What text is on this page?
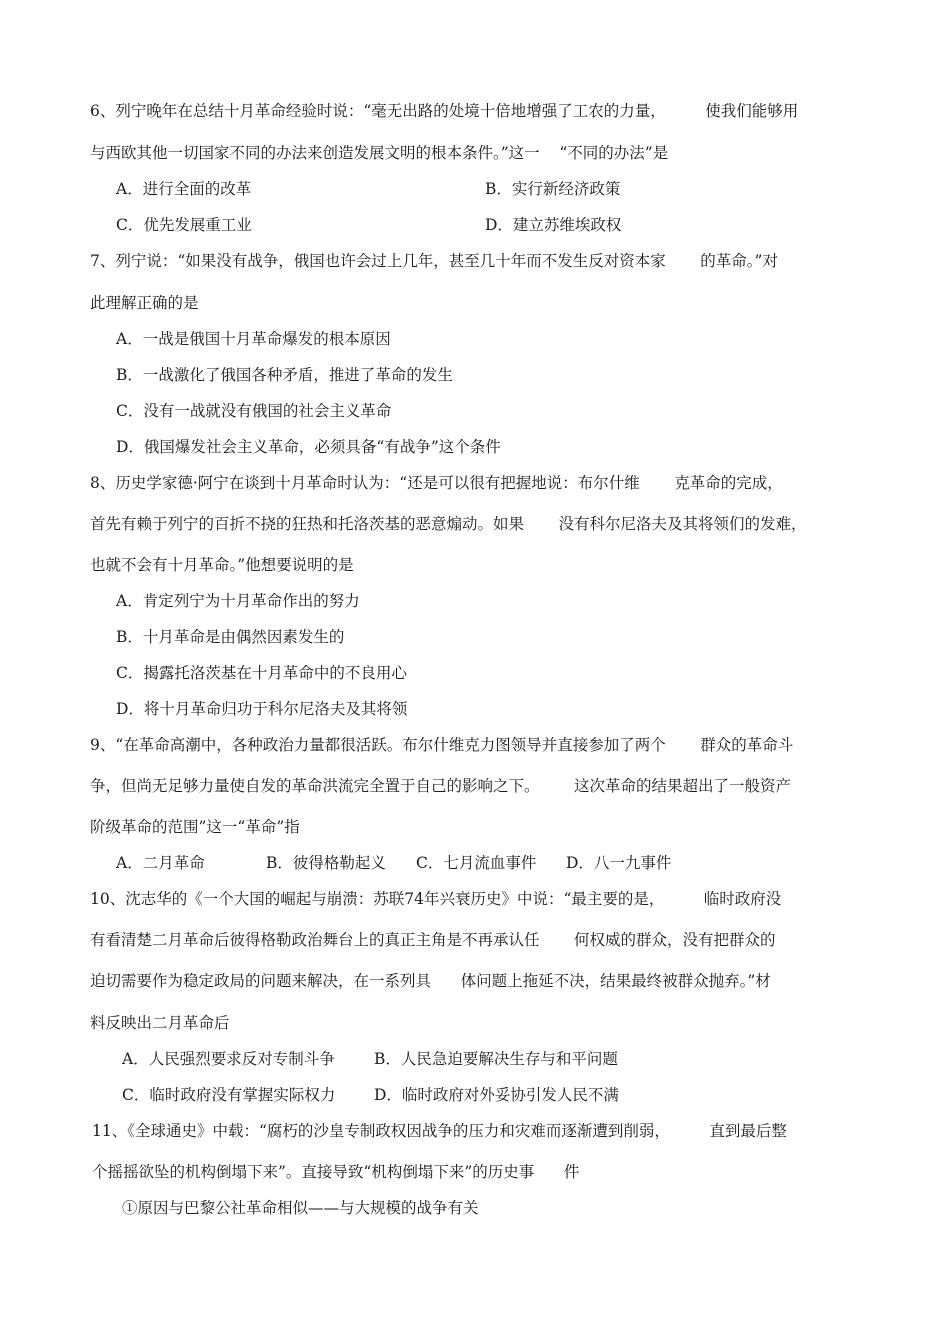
6、列宁晚年在总结十月革命经验时说：“毫无出路的处境十倍地增强了工农的力量，        使我们能够用
与西欧其他一切国家不同的办法来创造发展文明的根本条件。”这一    “不同的办法”是
A．进行全面的改革	B．实行新经济政策
C．优先发展重工业	D．建立苏维埃政权
7、列宁说：“如果没有战争，俄国也许会过上几年，甚至几十年而不发生反对资本家       的革命。”对
此理解正确的是
A．一战是俄国十月革命爆发的根本原因
B．一战激化了俄国各种矛盾，推进了革命的发生
C．没有一战就没有俄国的社会主义革命
D．俄国爆发社会主义革命，必须具备“有战争”这个条件
8、历史学家德·阿宁在谈到十月革命时认为：“还是可以很有把握地说：布尔什维       克革命的完成，
首先有赖于列宁的百折不挠的狂热和托洛茨基的恶意煽动。如果       没有科尔尼洛夫及其将领们的发难，
也就不会有十月革命。”他想要说明的是
A．肯定列宁为十月革命作出的努力
B．十月革命是由偶然因素发生的
C．揭露托洛茨基在十月革命中的不良用心
D．将十月革命归功于科尔尼洛夫及其将领
9、“在革命高潮中，各种政治力量都很活跃。布尔什维克力图领导并直接参加了两个       群众的革命斗
争，但尚无足够力量使自发的革命洪流完全置于自己的影响之下。       这次革命的结果超出了一般资产
阶级革命的范围”这一“革命”指
A．二月革命	B．彼得格勒起义 C．七月流血事件 D．八一九事件
10、沈志华的《一个大国的崛起与崩溃：苏联74年兴衰历史》中说：“最主要的是，        临时政府没
有看清楚二月革命后彼得格勒政治舞台上的真正主角是不再承认任       何权威的群众，没有把群众的
迫切需要作为稳定政局的问题来解决，在一系列具      体问题上拖延不决，结果最终被群众抛弃。”材
料反映出二月革命后
A．人民强烈要求反对专制斗争	B．人民急迫要解决生存与和平问题
C．临时政府没有掌握实际权力 D．临时政府对外妥协引发人民不满
11、《全球通史》中载：“腐朽的沙皇专制政权因战争的压力和灾难而逐渐遭到削弱，        直到最后整
个摇摇欲坠的机构倒塌下来”。直接导致“机构倒塌下来”的历史事      件
①原因与巴黎公社革命相似——与大规模的战争有关
